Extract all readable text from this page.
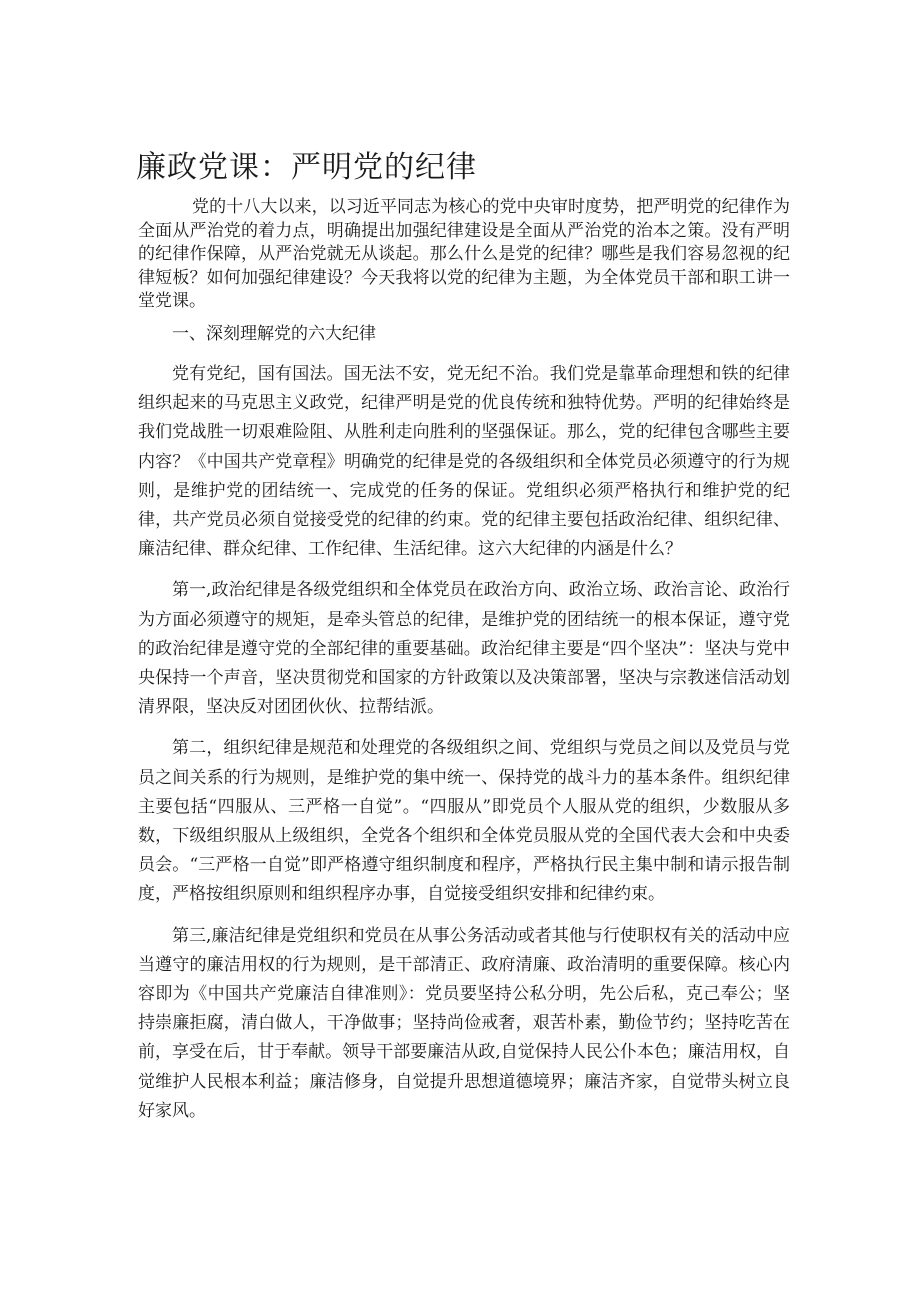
廉政党课：严明党的纪律

党的十八大以来，以习近平同志为核心的党中央审时度势，把严明党的纪律作为全面从严治党的着力点，明确提出加强纪律建设是全面从严治党的治本之策。没有严明的纪律作保障，从严治党就无从谈起。那么什么是党的纪律？哪些是我们容易忽视的纪律短板？如何加强纪律建设？今天我将以党的纪律为主题，为全体党员干部和职工讲一堂党课。

一、深刻理解党的六大纪律

党有党纪，国有国法。国无法不安，党无纪不治。我们党是靠革命理想和铁的纪律组织起来的马克思主义政党，纪律严明是党的优良传统和独特优势。严明的纪律始终是我们党战胜一切艰难险阻、从胜利走向胜利的坚强保证。那么，党的纪律包含哪些主要内容？《中国共产党章程》明确党的纪律是党的各级组织和全体党员必须遵守的行为规则，是维护党的团结统一、完成党的任务的保证。党组织必须严格执行和维护党的纪律，共产党员必须自觉接受党的纪律的约束。党的纪律主要包括政治纪律、组织纪律、廉洁纪律、群众纪律、工作纪律、生活纪律。这六大纪律的内涵是什么？

第一,政治纪律是各级党组织和全体党员在政治方向、政治立场、政治言论、政治行为方面必须遵守的规矩，是牵头管总的纪律，是维护党的团结统一的根本保证，遵守党的政治纪律是遵守党的全部纪律的重要基础。政治纪律主要是“四个坚决”：坚决与党中央保持一个声音，坚决贯彻党和国家的方针政策以及决策部署，坚决与宗教迷信活动划清界限，坚决反对团团伙伙、拉帮结派。

第二，组织纪律是规范和处理党的各级组织之间、党组织与党员之间以及党员与党员之间关系的行为规则，是维护党的集中统一、保持党的战斗力的基本条件。组织纪律主要包括“四服从、三严格一自觉”。“四服从”即党员个人服从党的组织，少数服从多数，下级组织服从上级组织，全党各个组织和全体党员服从党的全国代表大会和中央委员会。“三严格一自觉”即严格遵守组织制度和程序，严格执行民主集中制和请示报告制度，严格按组织原则和组织程序办事，自觉接受组织安排和纪律约束。

第三,廉洁纪律是党组织和党员在从事公务活动或者其他与行使职权有关的活动中应当遵守的廉洁用权的行为规则，是干部清正、政府清廉、政治清明的重要保障。核心内容即为《中国共产党廉洁自律准则》：党员要坚持公私分明，先公后私，克己奉公；坚持崇廉拒腐，清白做人，干净做事；坚持尚俭戒奢，艰苦朴素，勤俭节约；坚持吃苦在前，享受在后，甘于奉献。领导干部要廉洁从政,自觉保持人民公仆本色；廉洁用权，自觉维护人民根本利益；廉洁修身，自觉提升思想道德境界；廉洁齐家，自觉带头树立良好家风。
